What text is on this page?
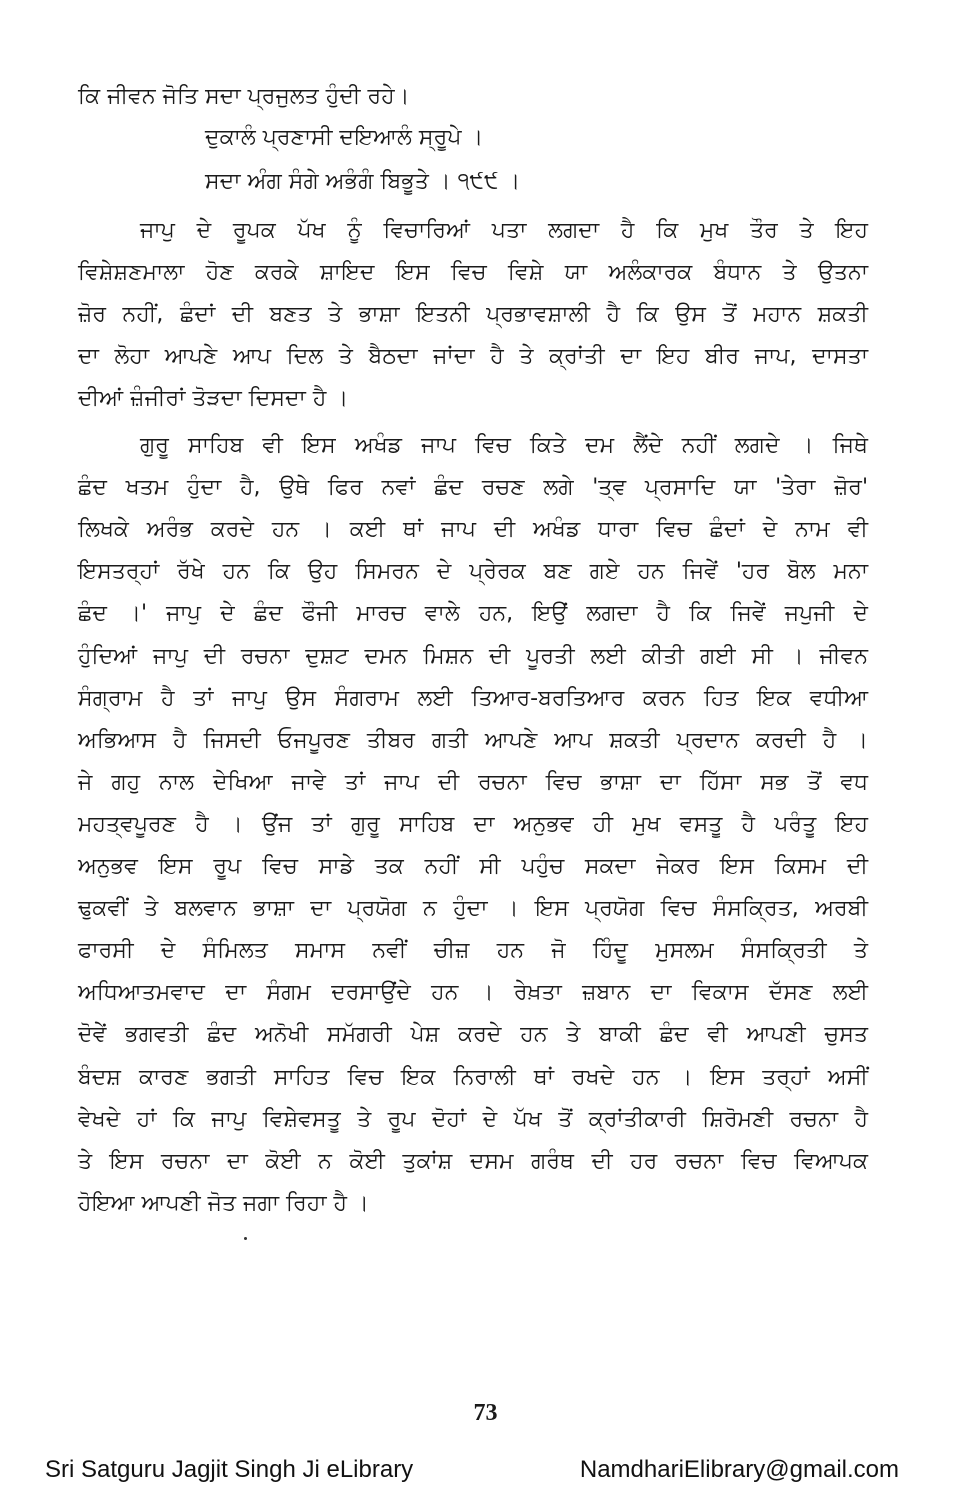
ਕਿ ਜੀਵਨ ਜੋਤਿ ਸਦਾ ਪ੍ਰਜੁਲਤ ਹੁੰਦੀ ਰਹੇ।
ਦੁਕਾਲੰ ਪ੍ਰਣਾਸੀ ਦਇਆਲੰ ਸ੍ਰੂਪੇ ।
ਸਦਾ ਅੰਗ ਸੰਗੇ ਅਭੰਗੰ ਬਿਭੂਤੇ । ੧੯੯ ।
ਜਾਪੁ ਦੇ ਰੂਪਕ ਪੱਖ ਨੂੰ ਵਿਚਾਰਿਆਂ ਪਤਾ ਲਗਦਾ ਹੈ ਕਿ ਮੁਖ ਤੌਰ ਤੇ ਇਹ
ਵਿਸ਼ੇਸ਼ਣਮਾਲਾ ਹੋਣ ਕਰਕੇ ਸ਼ਾਇਦ ਇਸ ਵਿਚ ਵਿਸ਼ੇ ਯਾ ਅਲੰਕਾਰਕ ਬੰਧਾਨ ਤੇ ਉਤਨਾ
ਜ਼ੋਰ ਨਹੀਂ, ਛੰਦਾਂ ਦੀ ਬਣਤ ਤੇ ਭਾਸ਼ਾ ਇਤਨੀ ਪ੍ਰਭਾਵਸ਼ਾਲੀ ਹੈ ਕਿ ਉਸ ਤੋਂ ਮਹਾਨ ਸ਼ਕਤੀ
ਦਾ ਲੋਹਾ ਆਪਣੇ ਆਪ ਦਿਲ ਤੇ ਬੈਠਦਾ ਜਾਂਦਾ ਹੈ ਤੇ ਕ੍ਰਾਂਤੀ ਦਾ ਇਹ ਬੀਰ ਜਾਪ, ਦਾਸਤਾ
ਦੀਆਂ ਜ਼ੰਜੀਰਾਂ ਤੋੜਦਾ ਦਿਸਦਾ ਹੈ ।
ਗੁਰੂ ਸਾਹਿਬ ਵੀ ਇਸ ਅਖੰਡ ਜਾਪ ਵਿਚ ਕਿਤੇ ਦਮ ਲੈਂਦੇ ਨਹੀਂ ਲਗਦੇ । ਜਿਥੇ
ਛੰਦ ਖਤਮ ਹੁੰਦਾ ਹੈ, ਉਥੇ ਫਿਰ ਨਵਾਂ ਛੰਦ ਰਚਣ ਲਗੇ 'ਤ੍ਵ ਪ੍ਰਸਾਦਿ ਯਾ 'ਤੇਰਾ ਜ਼ੋਰ'
ਲਿਖਕੇ ਅਰੰਭ ਕਰਦੇ ਹਨ । ਕਈ ਥਾਂ ਜਾਪ ਦੀ ਅਖੰਡ ਧਾਰਾ ਵਿਚ ਛੰਦਾਂ ਦੇ ਨਾਮ ਵੀ
ਇਸਤਰ੍ਹਾਂ ਰੱਖੇ ਹਨ ਕਿ ਉਹ ਸਿਮਰਨ ਦੇ ਪ੍ਰੇਰਕ ਬਣ ਗਏ ਹਨ ਜਿਵੇਂ 'ਹਰ ਬੋਲ ਮਨਾ
ਛੰਦ ।' ਜਾਪੁ ਦੇ ਛੰਦ ਫੌਜੀ ਮਾਰਚ ਵਾਲੇ ਹਨ, ਇਉਂ ਲਗਦਾ ਹੈ ਕਿ ਜਿਵੇਂ ਜਪੁਜੀ ਦੇ
ਹੁੰਦਿਆਂ ਜਾਪੁ ਦੀ ਰਚਨਾ ਦੁਸ਼ਟ ਦਮਨ ਮਿਸ਼ਨ ਦੀ ਪੂਰਤੀ ਲਈ ਕੀਤੀ ਗਈ ਸੀ । ਜੀਵਨ
ਸੰਗ੍ਰਾਮ ਹੈ ਤਾਂ ਜਾਪੁ ਉਸ ਸੰਗਰਾਮ ਲਈ ਤਿਆਰ-ਬਰਤਿਆਰ ਕਰਨ ਹਿਤ ਇਕ ਵਧੀਆ
ਅਭਿਆਸ ਹੈ ਜਿਸਦੀ ਓਜਪੂਰਣ ਤੀਬਰ ਗਤੀ ਆਪਣੇ ਆਪ ਸ਼ਕਤੀ ਪ੍ਰਦਾਨ ਕਰਦੀ ਹੈ ।
ਜੇ ਗਹੁ ਨਾਲ ਦੇਖਿਆ ਜਾਵੇ ਤਾਂ ਜਾਪ ਦੀ ਰਚਨਾ ਵਿਚ ਭਾਸ਼ਾ ਦਾ ਹਿੱਸਾ ਸਭ ਤੋਂ ਵਧ
ਮਹਤ੍ਵਪੂਰਣ ਹੈ । ਉਂਜ ਤਾਂ ਗੁਰੂ ਸਾਹਿਬ ਦਾ ਅਨੁਭਵ ਹੀ ਮੁਖ ਵਸਤੂ ਹੈ ਪਰੰਤੂ ਇਹ
ਅਨੁਭਵ ਇਸ ਰੂਪ ਵਿਚ ਸਾਡੇ ਤਕ ਨਹੀਂ ਸੀ ਪਹੁੰਚ ਸਕਦਾ ਜੇਕਰ ਇਸ ਕਿਸਮ ਦੀ
ਢੁਕਵੀਂ ਤੇ ਬਲਵਾਨ ਭਾਸ਼ਾ ਦਾ ਪ੍ਰਯੋਗ ਨ ਹੁੰਦਾ । ਇਸ ਪ੍ਰਯੋਗ ਵਿਚ ਸੰਸਕ੍ਰਿਤ, ਅਰਬੀ
ਫਾਰਸੀ ਦੇ ਸੰਮਿਲਤ ਸਮਾਸ ਨਵੀਂ ਚੀਜ਼ ਹਨ ਜੋ ਹਿੰਦੂ ਮੁਸਲਮ ਸੰਸਕ੍ਰਿਤੀ ਤੇ
ਅਧਿਆਤਮਵਾਦ ਦਾ ਸੰਗਮ ਦਰਸਾਉਂਦੇ ਹਨ । ਰੇਖ਼ਤਾ ਜ਼ਬਾਨ ਦਾ ਵਿਕਾਸ ਦੱਸਣ ਲਈ
ਦੋਵੇਂ ਭਗਵਤੀ ਛੰਦ ਅਨੋਖੀ ਸਮੱਗਰੀ ਪੇਸ਼ ਕਰਦੇ ਹਨ ਤੇ ਬਾਕੀ ਛੰਦ ਵੀ ਆਪਣੀ ਚੁਸਤ
ਬੰਦਸ਼ ਕਾਰਣ ਭਗਤੀ ਸਾਹਿਤ ਵਿਚ ਇਕ ਨਿਰਾਲੀ ਥਾਂ ਰਖਦੇ ਹਨ । ਇਸ ਤਰ੍ਹਾਂ ਅਸੀਂ
ਵੇਖਦੇ ਹਾਂ ਕਿ ਜਾਪੁ ਵਿਸ਼ੇਵਸਤੂ ਤੇ ਰੂਪ ਦੋਹਾਂ ਦੇ ਪੱਖ ਤੋਂ ਕ੍ਰਾਂਤੀਕਾਰੀ ਸ਼ਿਰੋਮਣੀ ਰਚਨਾ ਹੈ
ਤੇ ਇਸ ਰਚਨਾ ਦਾ ਕੋਈ ਨ ਕੋਈ ਤੁਕਾਂਸ਼ ਦਸਮ ਗਰੰਥ ਦੀ ਹਰ ਰਚਨਾ ਵਿਚ ਵਿਆਪਕ
ਹੋਇਆ ਆਪਣੀ ਜੋਤ ਜਗਾ ਰਿਹਾ ਹੈ ।
73
Sri Satguru Jagjit Singh Ji eLibrary	NamdhariElibrary@gmail.com
